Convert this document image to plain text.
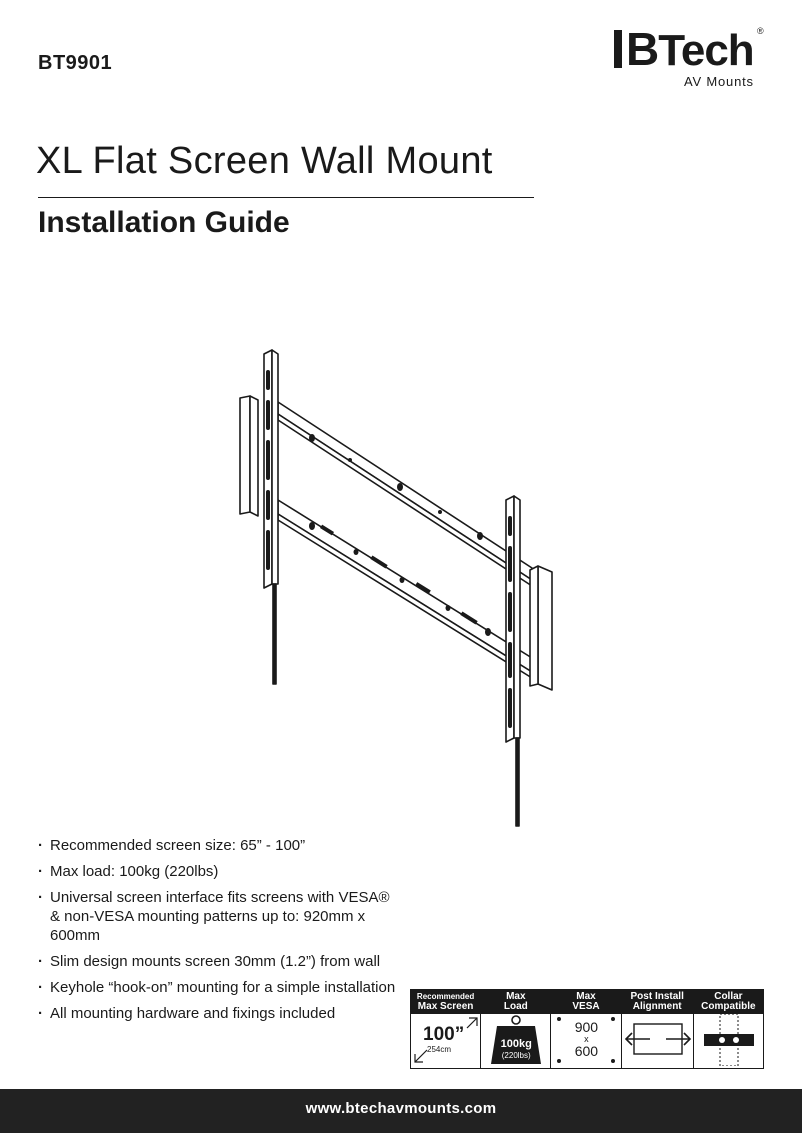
BT9901	BTech ®
AV Mounts
XL Flat Screen Wall Mount
Installation Guide
· Recommended screen size: 65” - 100”
· Max load: 100kg (220lbs)
· Universal screen interface fits screens with VESA® & non-VESA mounting patterns up to: 920mm x 600mm
· Slim design mounts screen 30mm (1.2”) from wall
· Keyhole “hook-on” mounting for a simple installation
· All mounting hardware and fixings included
Recommended
Max Screen
100”
254cm
Max
Load
100kg
(220lbs)
Max
VESA
900
x
600
Post Install
Alignment
Collar
Compatible
www.btechavmounts.com
